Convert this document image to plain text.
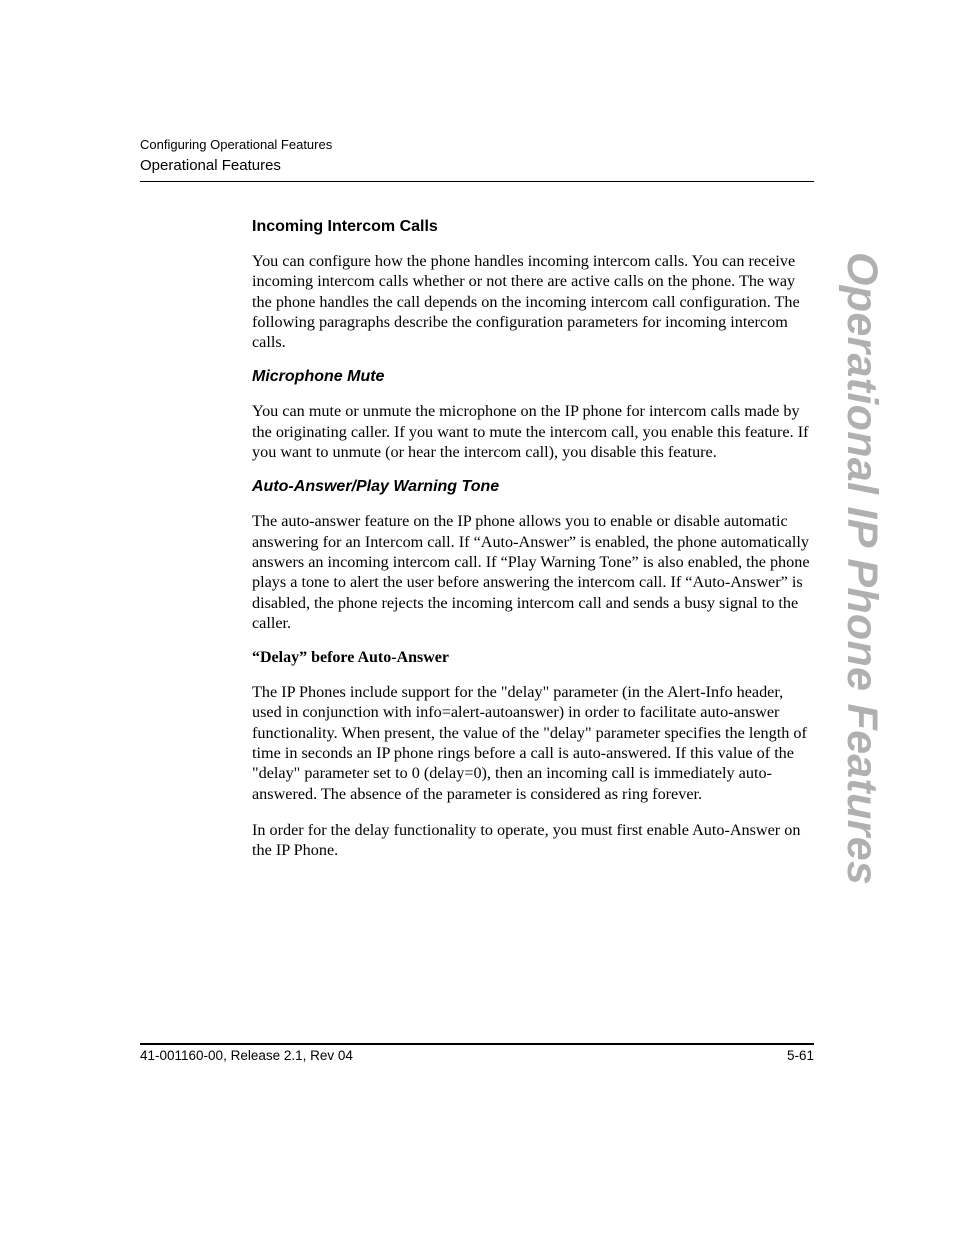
Configuring Operational Features
Operational Features
Operational IP Phone Features
Incoming Intercom Calls

You can configure how the phone handles incoming intercom calls. You can receive incoming intercom calls whether or not there are active calls on the phone. The way the phone handles the call depends on the incoming intercom call configuration. The following paragraphs describe the configuration parameters for incoming intercom calls.

Microphone Mute

You can mute or unmute the microphone on the IP phone for intercom calls made by the originating caller. If you want to mute the intercom call, you enable this feature. If you want to unmute (or hear the intercom call), you disable this feature.

Auto-Answer/Play Warning Tone

The auto-answer feature on the IP phone allows you to enable or disable automatic answering for an Intercom call. If “Auto-Answer” is enabled, the phone automatically answers an incoming intercom call. If “Play Warning Tone” is also enabled, the phone plays a tone to alert the user before answering the intercom call. If “Auto-Answer” is disabled, the phone rejects the incoming intercom call and sends a busy signal to the caller.

“Delay” before Auto-Answer

The IP Phones include support for the "delay" parameter (in the Alert-Info header, used in conjunction with info=alert-autoanswer) in order to facilitate auto-answer functionality. When present, the value of the "delay" parameter specifies the length of time in seconds an IP phone rings before a call is auto-answered. If this value of the "delay" parameter set to 0 (delay=0), then an incoming call is immediately auto-answered. The absence of the parameter is considered as ring forever.

In order for the delay functionality to operate, you must first enable Auto-Answer on the IP Phone.

41-001160-00, Release 2.1, Rev 04	5-61
